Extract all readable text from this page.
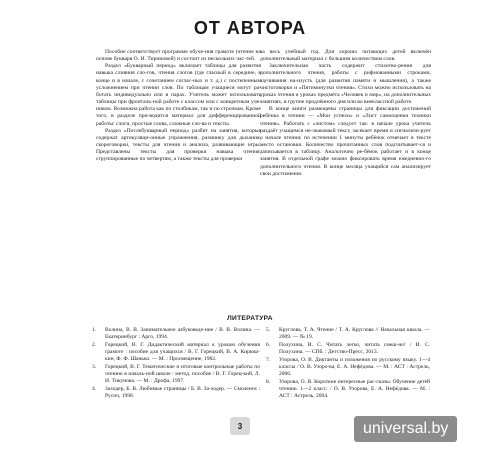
ОТ АВТОРА

Пособие соответствует программе обуче-ния грамоте (чтение на основе букваря О. И. Тириновой) и состоит из нескольких час-тей.

Раздел «Букварный период» включает таблицы для развития навыка слияния сло-гов, чтения слогов (где гласный в середине, в конце и в начале, с сочетанием соглас-ных и т. д.) с постепенным усложнением при чтении слов. По таблицам учащиеся могут ра-ботать индивидуально или в парах. Учитель может использовать таблицы при фронталь-ной работе с классом или с конкретным уче-ником. Возможна работа как по столбикам, так и по строчкам. Кроме того, в разделе при-водится материал для дифференцированной работы: слоги, простые слова, сложные сло-ва и тексты.

Раздел «Послебукварный период» разбит на занятия, которые содержат артикуляци-онные упражнения, разминку для дыхания, скороговорки, тексты для чтения и анализа, развивающие игры. Представлены тексты для проверки навыка чтения, сгруппированные по четвертям, а также тексты для проверки

за весь учебный год. Для хорошо читающих детей включён дополнительный материал с большим количеством слов.

Заключительная часть содержит стихотво-рения для дополнительного чтения, работы с рифмованными строками, заучивания на-изусть (для развития памяти и мышления), а также чистоговорки и «Пятиминутки чтения». Стихи можно использовать на уроках чтения и уроках предмета «Человек и мир», на дополнительных занятиях, в группе продлённого дня или во внеклассной работе.

В конце книги размещены страницы для фиксации достижений ребёнка в чтении — «Мои успехи» и «Лист самооценки техники чтения». Работать с «листом» следует так: в начале урока учитель раздаёт учащимся не-знакомый текст, засекает время и сигнализи-рует о начале чтения; по истечении 1 минуты ребёнок отмечает в тексте место остановки. Количество прочитанных слов подсчитывает-ся и записывается в таблицу. Аналогично ре-бёнок работает и в конце занятия. В отдельной графе можно фиксировать время ежедневно-го дополнительного чтения. В конце месяца учащийся сам анализирует свои достижения.

ЛИТЕРАТУРА
1.	Волина, В. В. Занимательное азбуковеде-ние / В. В. Волина. — Екатеринбург : Арго, 1994.
2.	Горецкий, В. Г. Дидактический материал к урокам обучения грамоте : пособие для учащихся / В. Г. Горецкий, В. А. Кирюш-кин, Ф. Ф. Шанько. — М. : Просвещение, 1982.
3.	Горецкий, В. Г. Тематические и итоговые контрольные работы по чтению в началь-ной школе : метод. пособие / В. Г. Горец-кий, Л. И. Тикунова. — М. : Дрофа, 1997.
4.	Заходер, Б. В. Любимые страницы / Б. В. За-ходер. — Смоленск : Русич, 1998.
5.	Круглова, Т. А. Чтение / Т. А. Круглова // Начальная школа. — 2009. — № 19.
6.	Полухина, И. С. Читать легко, читать смеш-но! / И. С. Полухина. — СПб. : Детство-Пресс, 2013.
7.	Узорова, О. В. Диктанты и изложения по русскому языку. 1—4 классы / О. В. Узоро-ва, Е. А. Нефёдова. — М. : АСТ : Астрель, 2006.
8.	Узорова, О. В. Короткие интересные рас-сказы. Обучение детей чтению. 1—2 класс: / О. В. Узорова, Е. А. Нефёдова. — М. : АСТ : Астрель, 2004.
3	universal.by
